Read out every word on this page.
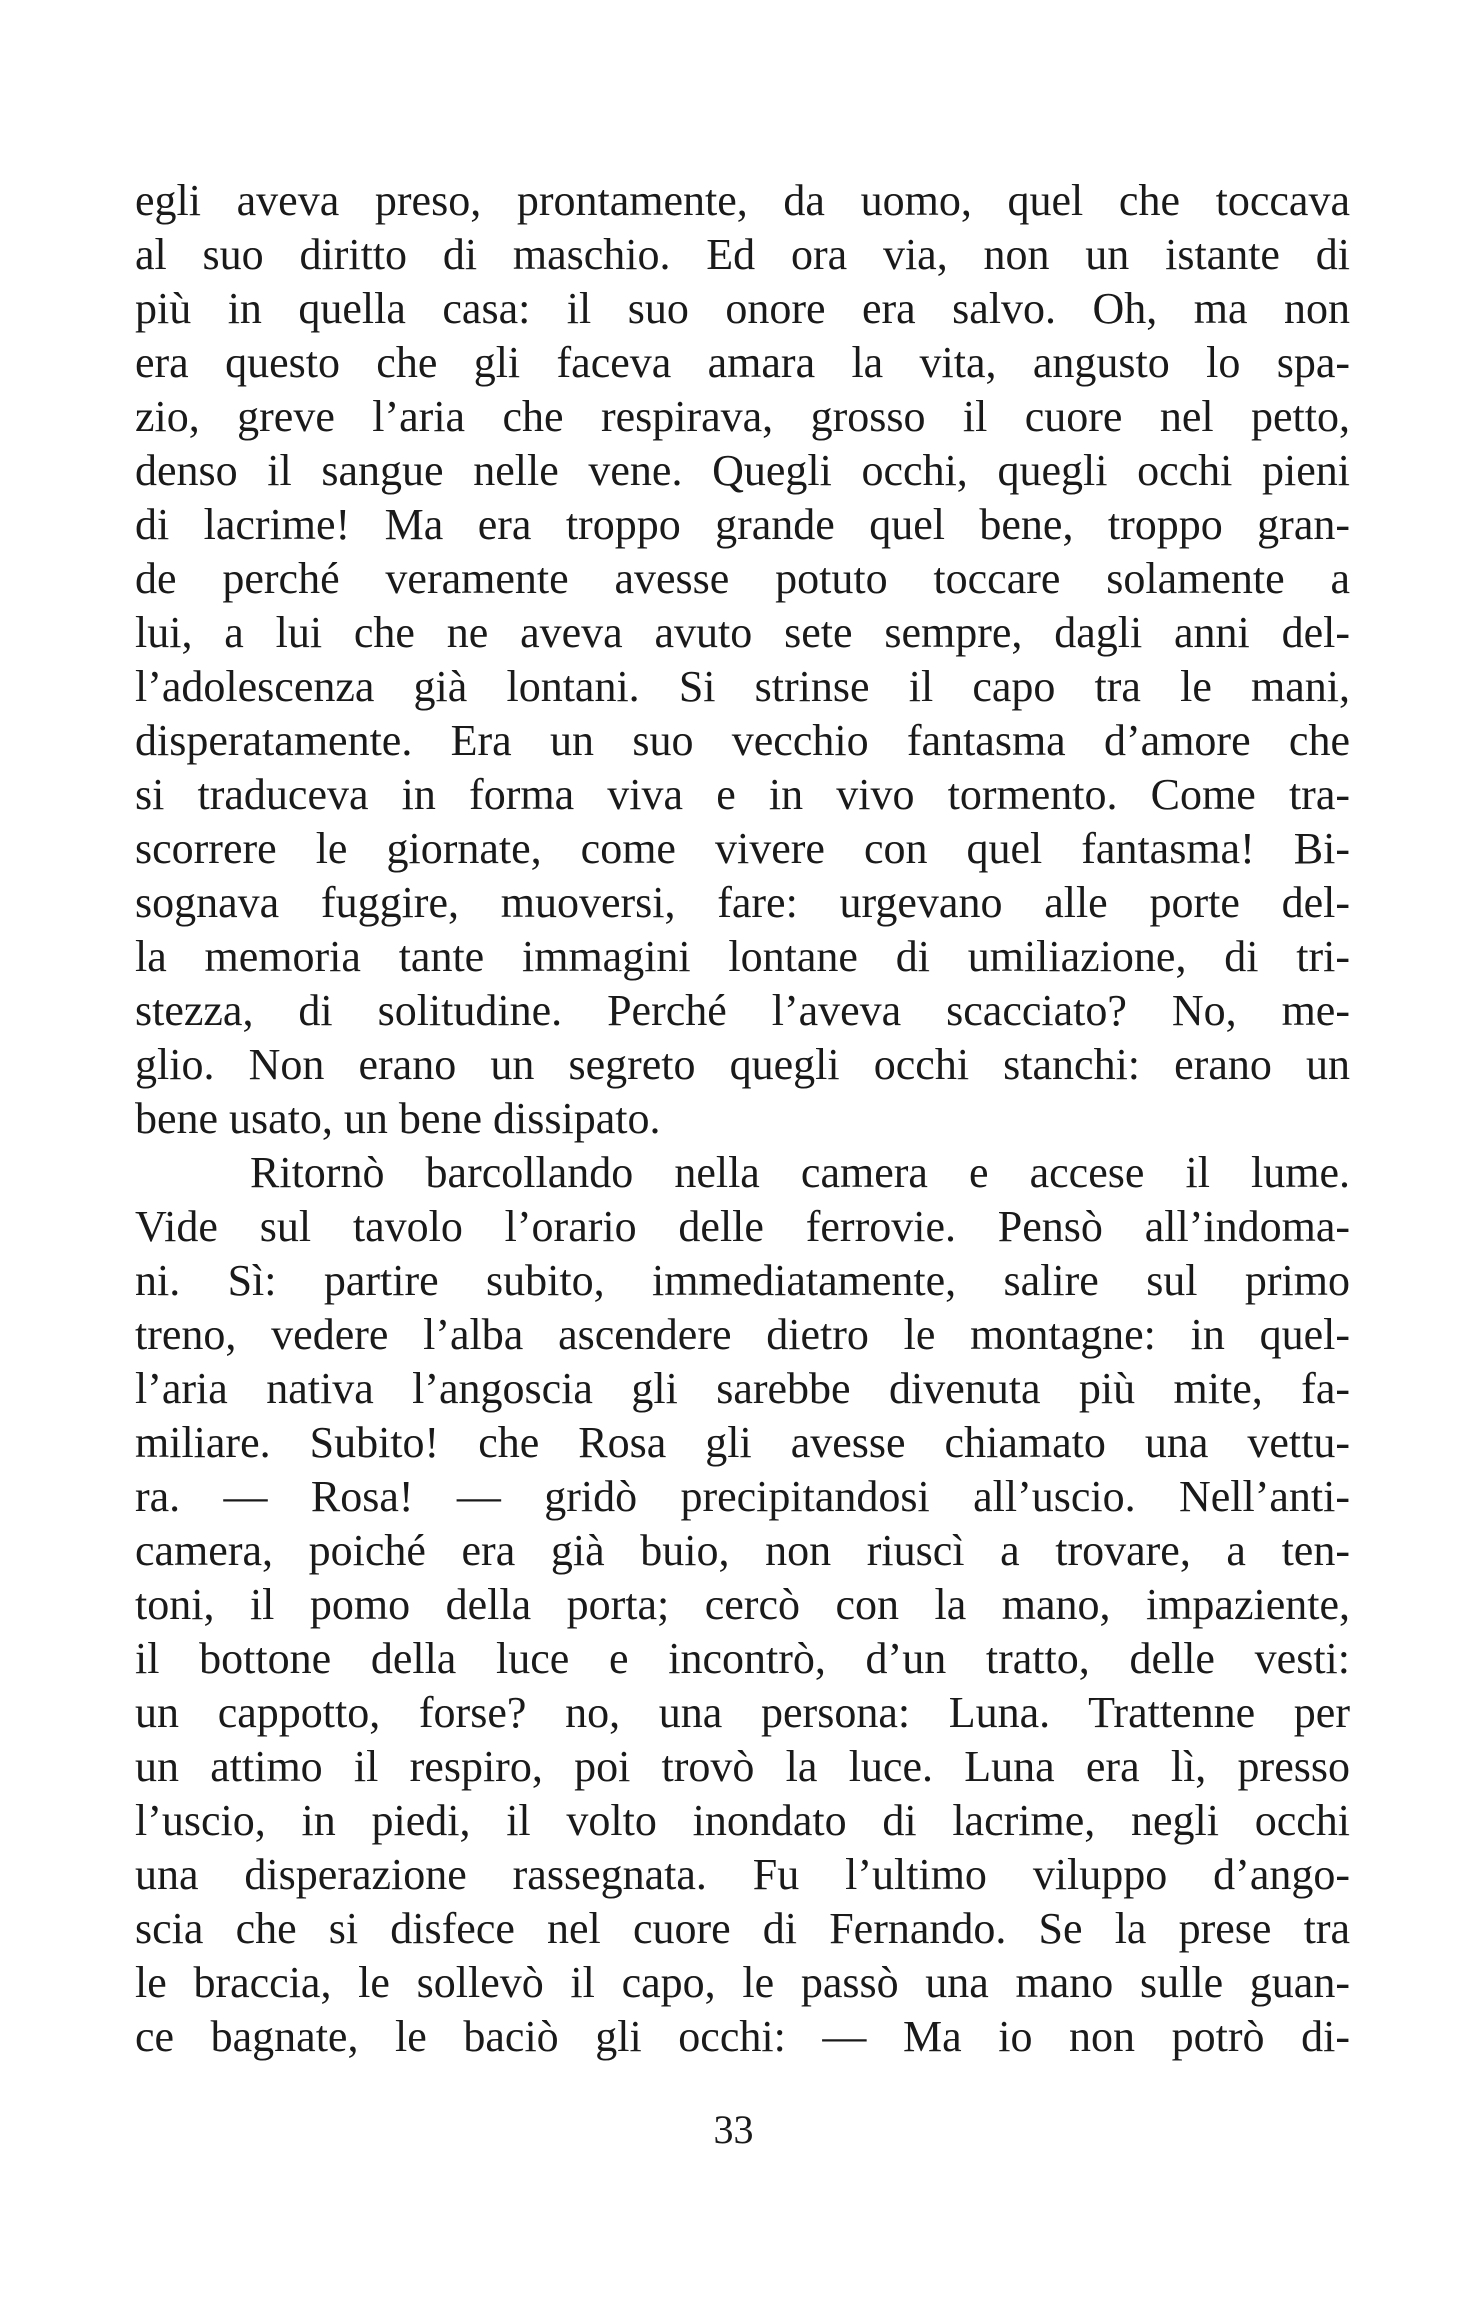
egli aveva preso, prontamente, da uomo, quel che toccava
al suo diritto di maschio. Ed ora via, non un istante di
più in quella casa: il suo onore era salvo. Oh, ma non
era questo che gli faceva amara la vita, angusto lo spa-
zio, greve l’aria che respirava, grosso il cuore nel petto,
denso il sangue nelle vene. Quegli occhi, quegli occhi pieni
di lacrime! Ma era troppo grande quel bene, troppo gran-
de perché veramente avesse potuto toccare solamente a
lui, a lui che ne aveva avuto sete sempre, dagli anni del-
l’adolescenza già lontani. Si strinse il capo tra le mani,
disperatamente. Era un suo vecchio fantasma d’amore che
si traduceva in forma viva e in vivo tormento. Come tra-
scorrere le giornate, come vivere con quel fantasma! Bi-
sognava fuggire, muoversi, fare: urgevano alle porte del-
la memoria tante immagini lontane di umiliazione, di tri-
stezza, di solitudine. Perché l’aveva scacciato? No, me-
glio. Non erano un segreto quegli occhi stanchi: erano un
bene usato, un bene dissipato.
Ritornò barcollando nella camera e accese il lume.
Vide sul tavolo l’orario delle ferrovie. Pensò all’indoma-
ni. Sì: partire subito, immediatamente, salire sul primo
treno, vedere l’alba ascendere dietro le montagne: in quel-
l’aria nativa l’angoscia gli sarebbe divenuta più mite, fa-
miliare. Subito! che Rosa gli avesse chiamato una vettu-
ra. — Rosa! — gridò precipitandosi all’uscio. Nell’anti-
camera, poiché era già buio, non riuscì a trovare, a ten-
toni, il pomo della porta; cercò con la mano, impaziente,
il bottone della luce e incontrò, d’un tratto, delle vesti:
un cappotto, forse? no, una persona: Luna. Trattenne per
un attimo il respiro, poi trovò la luce. Luna era lì, presso
l’uscio, in piedi, il volto inondato di lacrime, negli occhi
una disperazione rassegnata. Fu l’ultimo viluppo d’ango-
scia che si disfece nel cuore di Fernando. Se la prese tra
le braccia, le sollevò il capo, le passò una mano sulle guan-
ce bagnate, le baciò gli occhi: — Ma io non potrò di-
33
